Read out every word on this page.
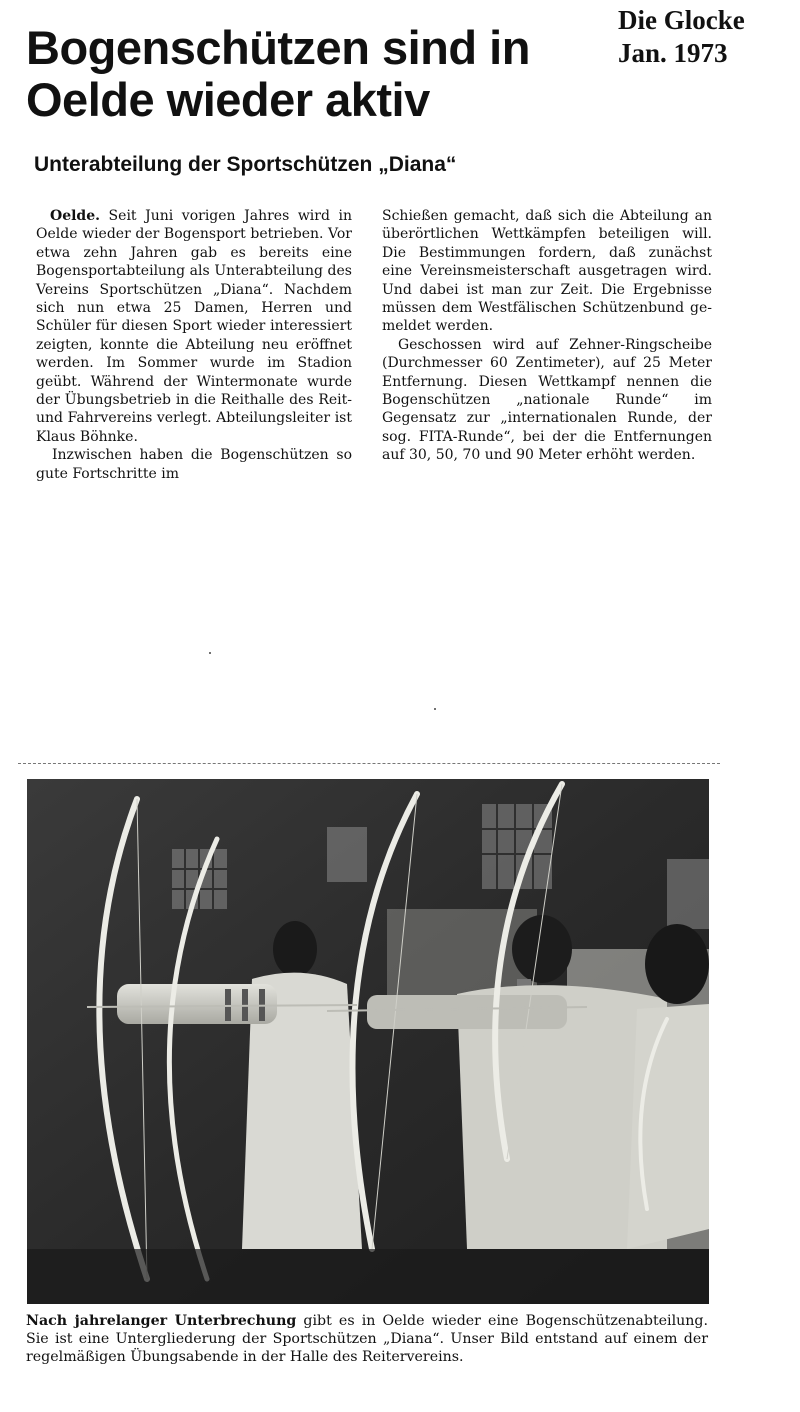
Die Glocke
Jan. 1973
Bogenschützen sind in
Oelde wieder aktiv
Unterabteilung der Sportschützen „Diana“

Oelde. Seit Juni vorigen Jahres wird in Oelde wieder der Bogensport betrieben. Vor etwa zehn Jahren gab es bereits eine Bogensportabteilung als Unterabteilung des Vereins Sportschützen „Diana“. Nachdem sich nun etwa 25 Damen, Herren und Schüler für diesen Sport wieder interessiert zeigten, konnte die Abteilung neu eröffnet werden. Im Sommer wurde im Stadion geübt. Während der Wintermonate wurde der Übungsbetrieb in die Reithalle des Reit- und Fahrvereins verlegt. Abteilungsleiter ist Klaus Böhnke.

Inzwischen haben die Bogenschützen so gute Fortschritte im

Schießen gemacht, daß sich die Abteilung an überörtlichen Wettkämpfen beteiligen will. Die Bestimmungen fordern, daß zunächst eine Vereinsmeisterschaft ausgetragen wird. Und dabei ist man zur Zeit. Die Ergebnisse müssen dem Westfälischen Schützenbund gemeldet werden.

Geschossen wird auf Zehner-Ringscheibe (Durchmesser 60 Zentimeter), auf 25 Meter Entfernung. Diesen Wettkampf nennen die Bogenschützen „nationale Runde“ im Gegensatz zur „internationalen Runde, der sog. FITA-Runde“, bei der die Entfernungen auf 30, 50, 70 und 90 Meter erhöht werden.

Nach jahrelanger Unterbrechung gibt es in Oelde wieder eine Bogenschützenabteilung. Sie ist eine Untergliederung der Sportschützen „Diana“. Unser Bild entstand auf einem der regelmäßigen Übungsabende in der Halle des Reitervereins.
